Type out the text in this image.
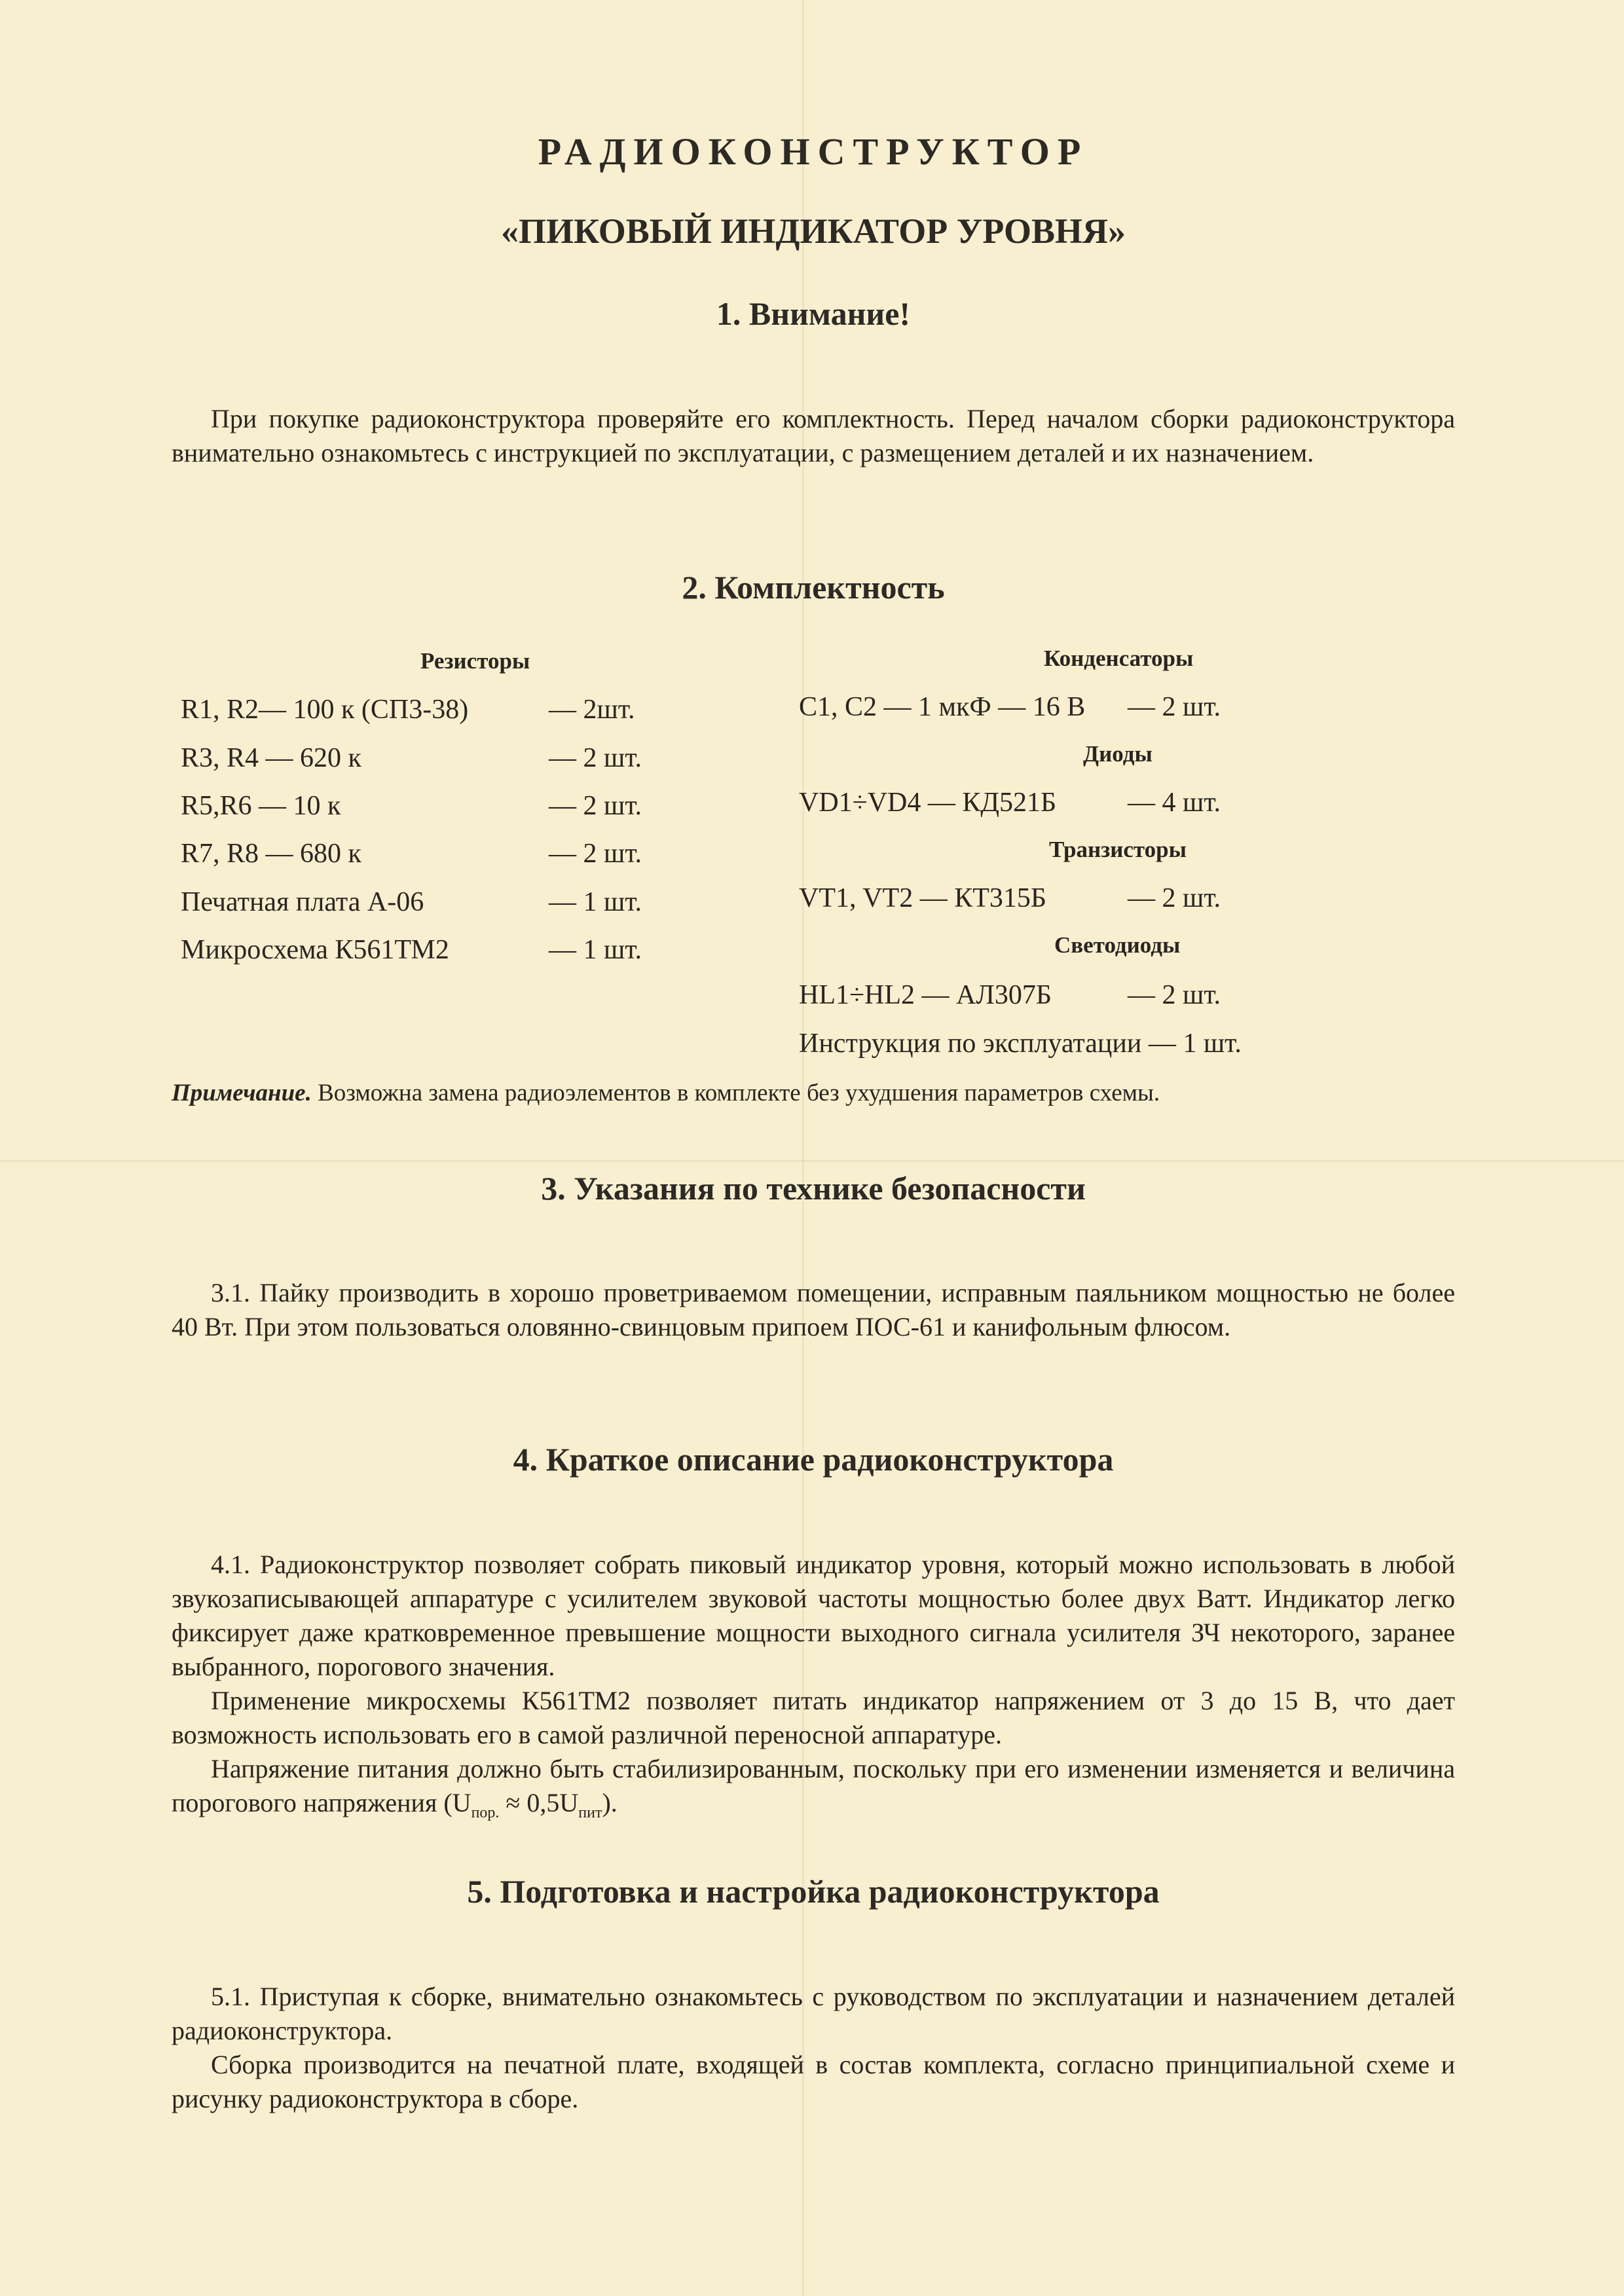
РАДИОКОНСТРУКТОР
«ПИКОВЫЙ ИНДИКАТОР УРОВНЯ»
1. Внимание!

При покупке радиоконструктора проверяйте его комплектность. Перед началом сборки радиоконструктора внимательно ознакомьтесь с инструкцией по эксплуатации, с размещением деталей и их назначением.

2. Комплектность
Резисторы
R1, R2— 100 к (СП3-38)	— 2шт.
R3, R4 — 620 к	— 2 шт.
R5,R6 — 10 к	— 2 шт.
R7, R8 — 680 к	— 2 шт.
Печатная плата А-06	— 1 шт.
Микросхема К561ТМ2	— 1 шт.
Конденсаторы
C1, C2 — 1 мкФ — 16 В — 2 шт.
Диоды
VD1÷VD4 — КД521Б	— 4 шт.
Транзисторы
VT1, VT2 — КТ315Б	— 2 шт.
Светодиоды
HL1÷HL2 — АЛ307Б	— 2 шт.
Инструкция по эксплуатации — 1 шт.
Примечание. Возможна замена радиоэлементов в комплекте без ухудшения параметров схемы.
3. Указания по технике безопасности

3.1. Пайку производить в хорошо проветриваемом помещении, исправным паяльником мощностью не более 40 Вт. При этом пользоваться оловянно-свинцовым припоем ПОС-61 и канифольным флюсом.

4. Краткое описание радиоконструктора

4.1. Радиоконструктор позволяет собрать пиковый индикатор уровня, который можно использовать в любой звукозаписывающей аппаратуре с усилителем звуковой частоты мощностью более двух Ватт. Индикатор легко фиксирует даже кратковременное превышение мощности выходного сигнала усилителя ЗЧ некоторого, заранее выбранного, порогового значения.

Применение микросхемы К561ТМ2 позволяет питать индикатор напряжением от 3 до 15 В, что дает возможность использовать его в самой различной переносной аппаратуре.

Напряжение питания должно быть стабилизированным, поскольку при его изменении изменяется и величина порогового напряжения $(U_{пор.} \approx 0,5U_{пит})$.

5. Подготовка и настройка радиоконструктора

5.1. Приступая к сборке, внимательно ознакомьтесь с руководством по эксплуатации и назначением деталей радиоконструктора.

Сборка производится на печатной плате, входящей в состав комплекта, согласно принципиальной схеме и рисунку радиоконструктора в сборе.
